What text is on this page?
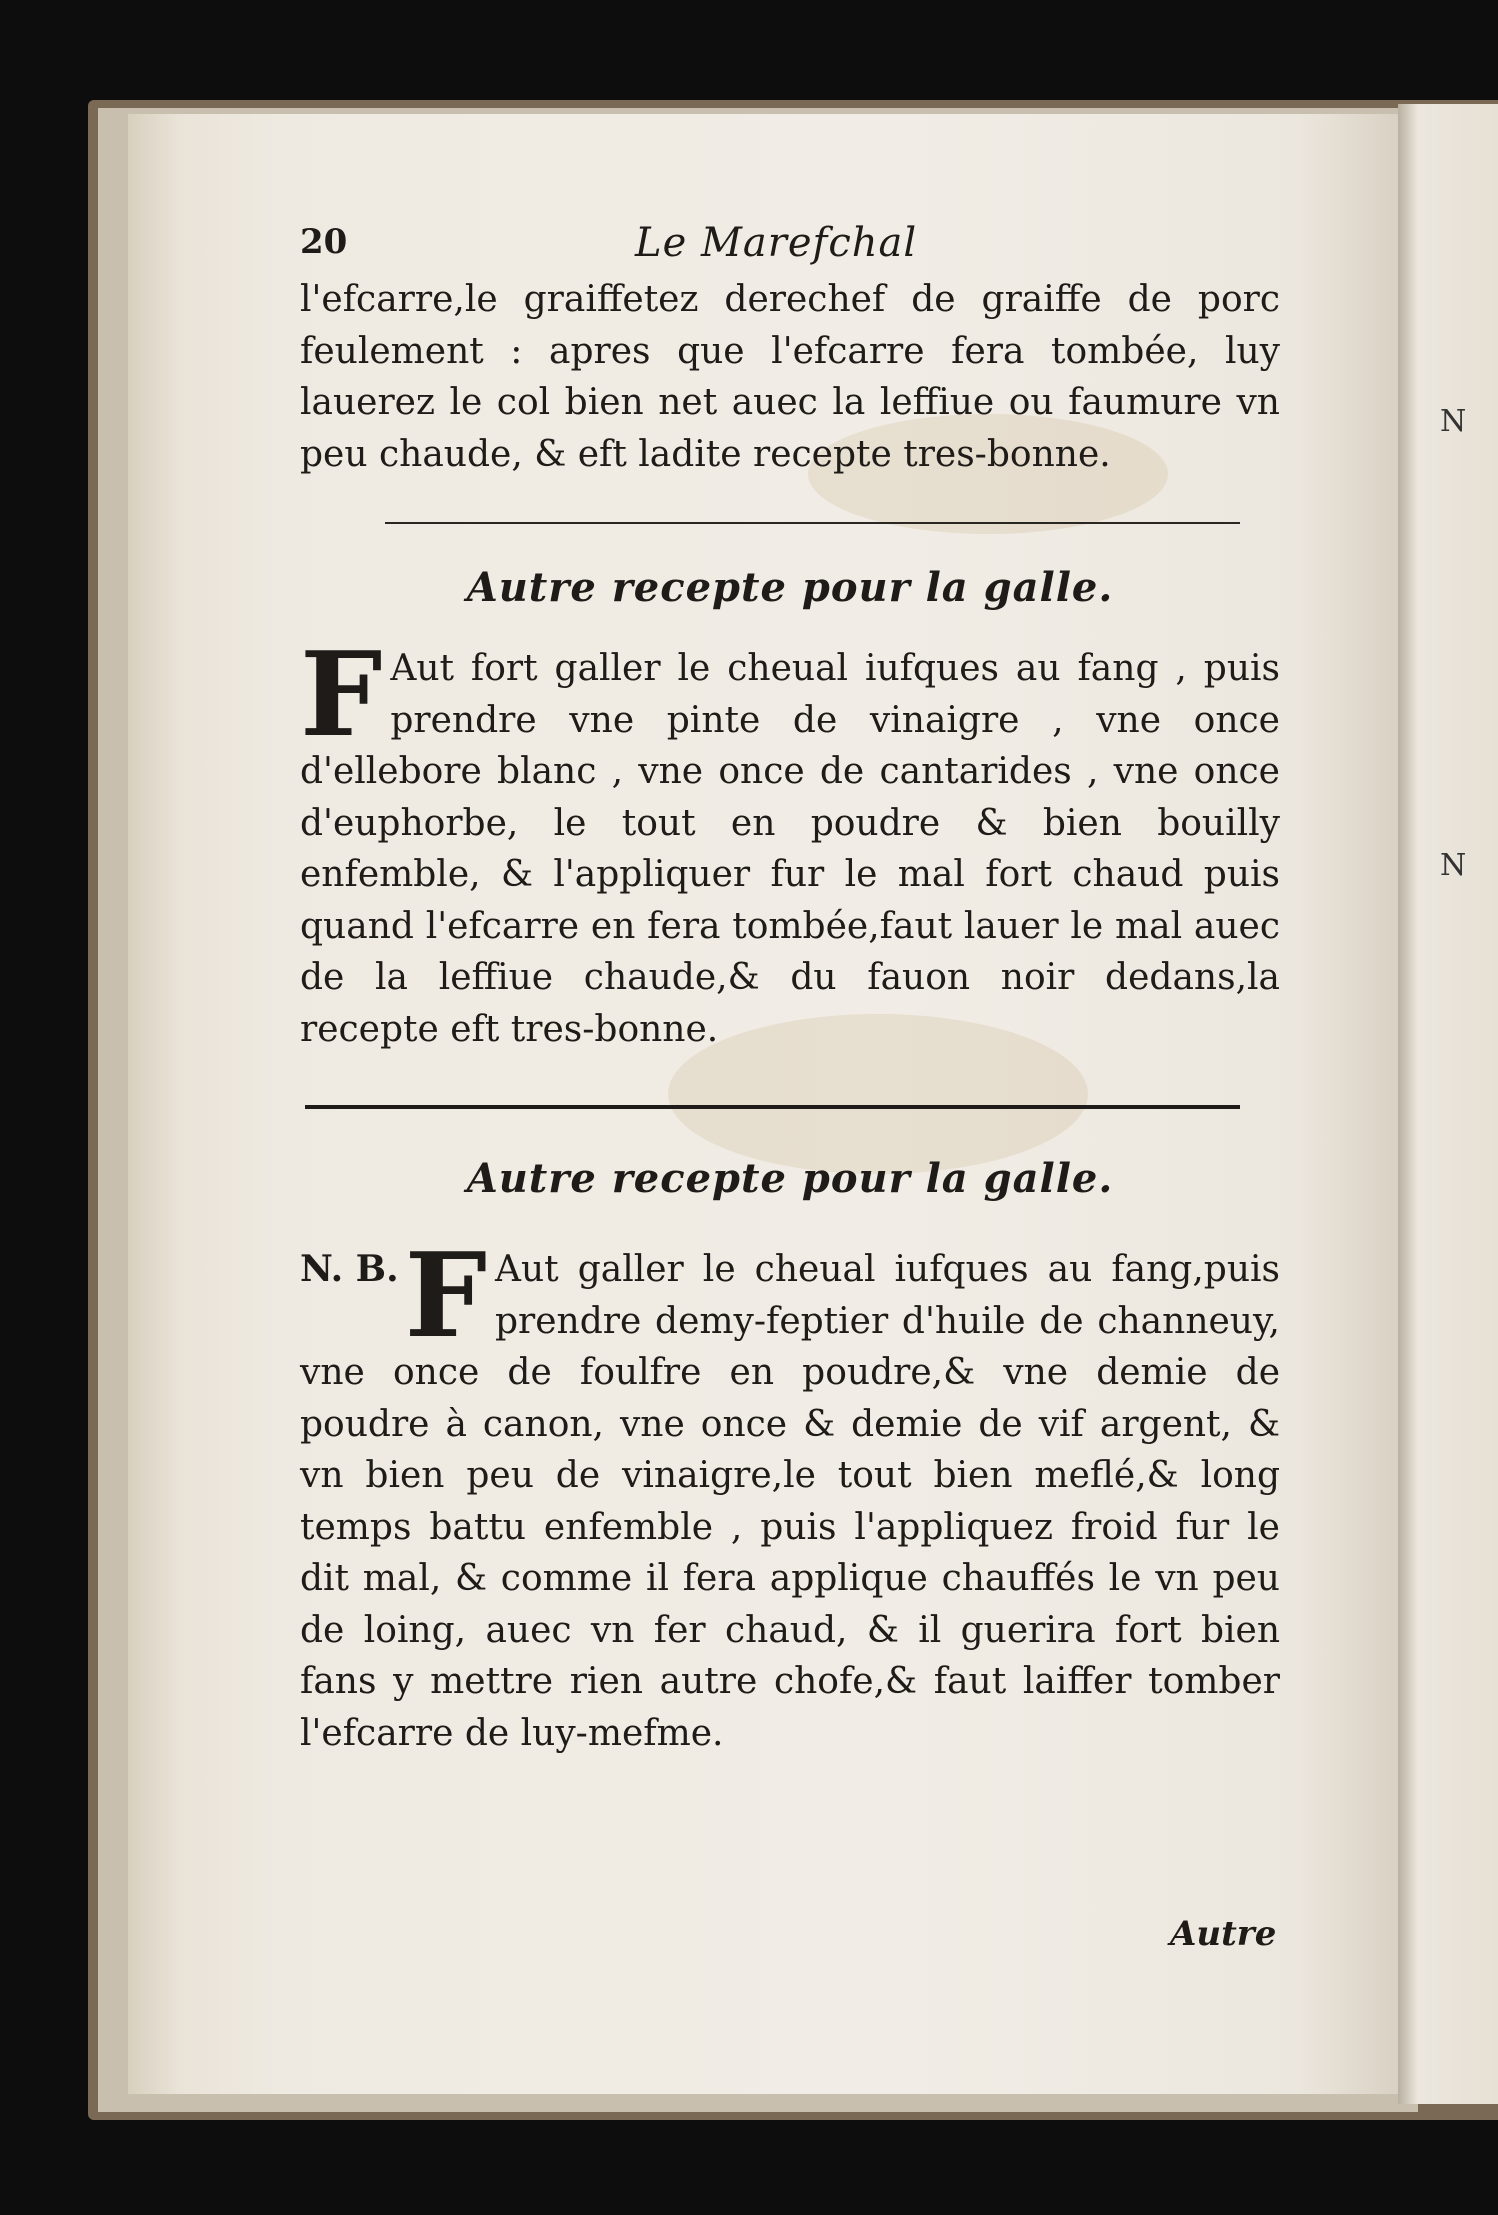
N
N
20	Le Marefchal

l'efcarre,le graiffetez derechef de graiffe de porc feulement : apres que l'efcarre fera tombée, luy lauerez le col bien net auec la leffiue ou faumure vn peu chaude, & eft ladite recepte tres-bonne.

Autre recepte pour la galle.
F Aut fort galler le cheual iufques au fang , puis prendre vne pinte de vinaigre , vne once d'ellebore blanc , vne once de cantarides , vne once d'euphorbe, le tout en poudre & bien bouilly enfemble, & l'appliquer fur le mal fort chaud puis quand l'efcarre en fera tombée,faut lauer le mal auec de la leffiue chaude,& du fauon noir dedans,la recepte eft tres-bonne.

Autre recepte pour la galle.
N. B. F Aut galler le cheual iufques au fang,puis prendre demy-feptier d'huile de channeuy, vne once de foulfre en poudre,& vne demie de poudre à canon, vne once & demie de vif argent, & vn bien peu de vinaigre,le tout bien meflé,& long temps battu enfemble , puis l'appliquez froid fur le dit mal, & comme il fera applique chauffés le vn peu de loing, auec vn fer chaud, & il guerira fort bien fans y mettre rien autre chofe,& faut laiffer tomber l'efcarre de luy-mefme.

Autre
